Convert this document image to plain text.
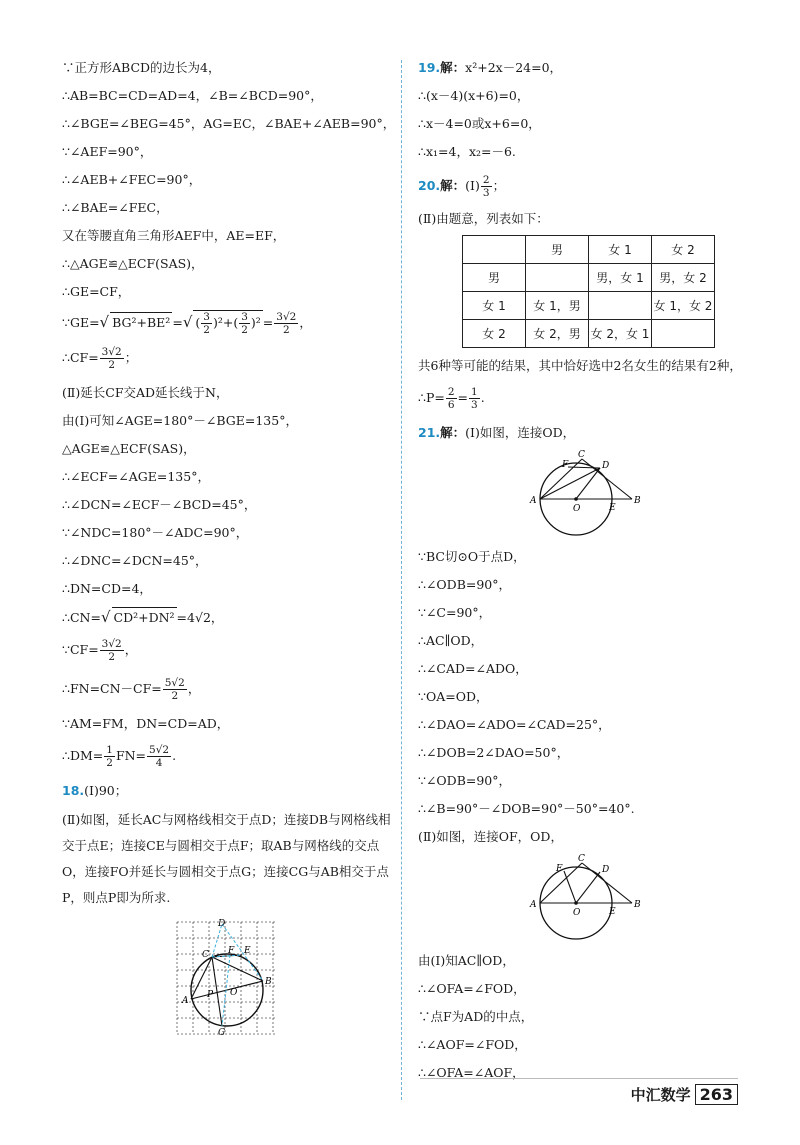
∵正方形ABCD的边长为4，
∴AB=BC=CD=AD=4，∠B=∠BCD=90°，
∴∠BGE=∠BEG=45°，AG=EC，∠BAE+∠AEB=90°，
∵∠AEF=90°，
∴∠AEB+∠FEC=90°，
∴∠BAE=∠FEC，
又在等腰直角三角形AEF中，AE=EF，
∴△AGE≌△ECF(SAS)，
∴GE=CF，
∵GE=√ BG²+BE² =√ ( $\frac{3}{2} )^2+( \frac{3}{2} )^2 = \frac{3√2}{2}$ ，
∴CF= $\frac{3√2}{2}$ ；
(Ⅱ)延长CF交AD延长线于N，
由(Ⅰ)可知∠AGE=180°－∠BGE=135°，
△AGE≌△ECF(SAS)，
∴∠ECF=∠AGE=135°，
∴∠DCN=∠ECF－∠BCD=45°，
∵∠NDC=180°－∠ADC=90°，
∴∠DNC=∠DCN=45°，
∴DN=CD=4，
∴CN=√ CD²+DN² =4√2，
∵CF= $\frac{3√2}{2}$ ，
∴FN=CN－CF= $\frac{5√2}{2}$ ，
∵AM=FM，DN=CD=AD，
∴DM= $\frac{1}{2} FN= \frac{5√2}{4}$ .
18.(Ⅰ)90；
(Ⅱ)如图，延长AC与网格线相交于点D；连接DB与网格线相交于点E；连接CE与圆相交于点F；取AB与网格线的交点O，连接FO并延长与圆相交于点G；连接CG与AB相交于点P，则点P即为所求.
D
C F E
B
A
O
P
G
19.解：x²+2x－24=0，
∴(x－4)(x+6)=0，
∴x－4=0或x+6=0，
∴x₁=4，x₂=－6.
20.解：(Ⅰ) $\frac{2}{3}$ ；
(Ⅱ)由题意，列表如下：
	男	女 1	女 2
男		男，女 1	男，女 2
女 1	女 1，男		女 1，女 2
女 2	女 2，男	女 2，女 1	
共6种等可能的结果，其中恰好选中2名女生的结果有2种，
∴P= $\frac{2}{6} = \frac{1}{3}$ .
21.解：(Ⅰ)如图，连接OD，
C
F	D
A
O	E
B
∵BC切⊙O于点D，
∴∠ODB=90°，
∵∠C=90°，
∴AC∥OD，
∴∠CAD=∠ADO，
∵OA=OD，
∴∠DAO=∠ADO=∠CAD=25°，
∴∠DOB=2∠DAO=50°，
∵∠ODB=90°，
∴∠B=90°－∠DOB=90°－50°=40°.
(Ⅱ)如图，连接OF，OD，
C
F	D
A
O	E
B
由(Ⅰ)知AC∥OD，
∴∠OFA=∠FOD，
∵点F为AD的中点，
∴∠AOF=∠FOD，
∴∠OFA=∠AOF，
中汇数学 263
